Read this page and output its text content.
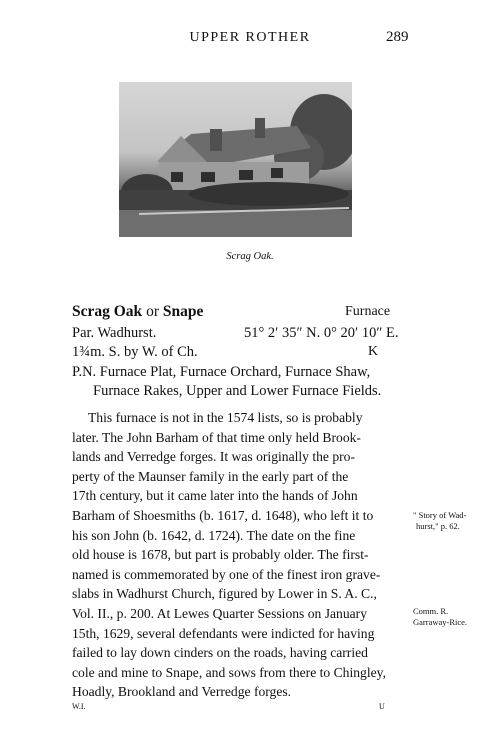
UPPER ROTHER	289
Scrag Oak.
Scrag Oak or Snape	Furnace
Par. Wadhurst.	51° 2′ 35″ N. 0° 20′ 10″ E.
1¾m. S. by W. of Ch.	K
P.N. Furnace Plat, Furnace Orchard, Furnace Shaw,
Furnace Rakes, Upper and Lower Furnace Fields.
This furnace is not in the 1574 lists, so is probably
later. The John Barham of that time only held Brook-
lands and Verredge forges. It was originally the pro-
perty of the Maunser family in the early part of the
17th century, but it came later into the hands of John
Barham of Shoesmiths (b. 1617, d. 1648), who left it to
his son John (b. 1642, d. 1724). The date on the fine
old house is 1678, but part is probably older. The first-
named is commemorated by one of the finest iron grave-
slabs in Wadhurst Church, figured by Lower in S. A. C.,
Vol. II., p. 200. At Lewes Quarter Sessions on January
15th, 1629, several defendants were indicted for having
failed to lay down cinders on the roads, having carried
cole and mine to Snape, and sows from there to Chingley,
Hoadly, Brookland and Verredge forges.
" Story of Wad-
hurst," p. 62.
Comm. R.
Garraway-Rice.
W.I.	U
